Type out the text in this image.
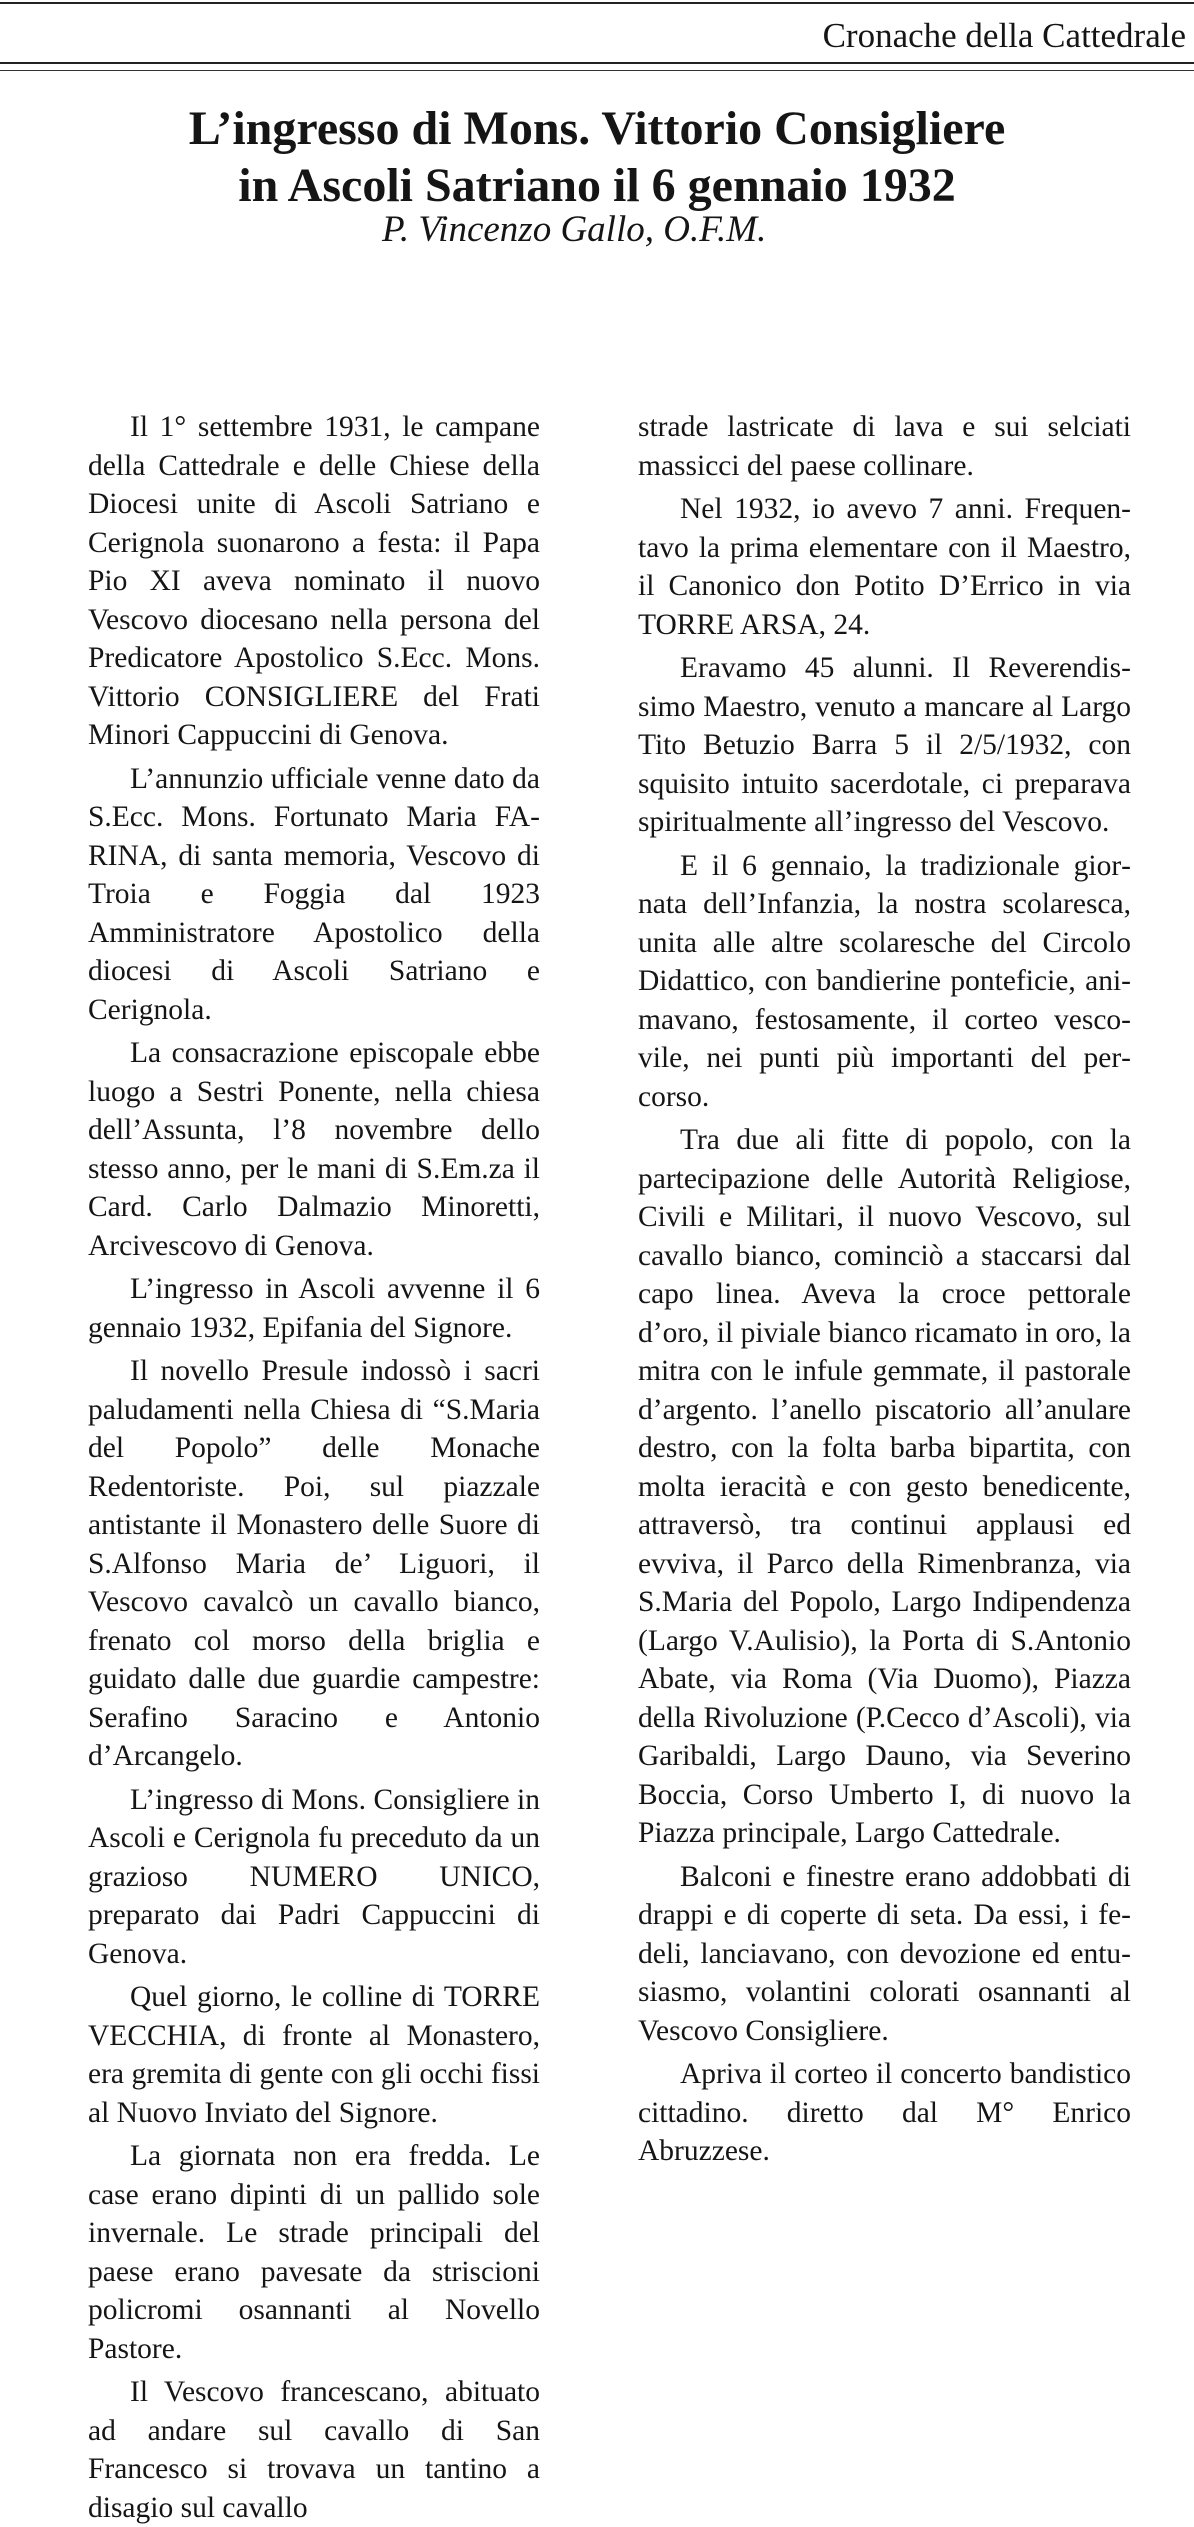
Cronache della Cattedrale
L’ingresso di Mons. Vittorio Consigliere
in Ascoli Satriano il 6 gennaio 1932
P. Vincenzo Gallo, O.F.M.

Il 1° settembre 1931, le campane della Cattedrale e delle Chiese della Diocesi unite di Ascoli Satriano e Cerignola suonarono a festa: il Papa Pio XI aveva nominato il nuovo Vescovo diocesano nella persona del Predicatore Apostolico S.Ecc. Mons. Vittorio CONSIGLIERE del Frati Minori Cappuccini di Genova.

L’annunzio ufficiale venne dato da S.Ecc. Mons. Fortunato Maria FARINA, di santa memoria, Vescovo di Troia e Foggia dal 1923 Amministratore Apostolico della diocesi di Ascoli Satriano e Cerignola.

La consacrazione episcopale ebbe luogo a Sestri Ponente, nella chiesa dell’Assunta, l’8 novembre dello stesso anno, per le mani di S.Em.za il Card. Carlo Dalmazio Minoretti, Arcivescovo di Genova.

L’ingresso in Ascoli avvenne il 6 gennaio 1932, Epifania del Signore.

Il novello Presule indossò i sacri paludamenti nella Chiesa di “S.Maria del Popolo” delle Monache Redentoriste. Poi, sul piazzale antistante il Monastero delle Suore di S.Alfonso Maria de’ Liguori, il Vescovo cavalcò un cavallo bianco, frenato col morso della briglia e guidato dalle due guardie campestre: Serafino Saracino e Antonio d’Arcangelo.

L’ingresso di Mons. Consigliere in Ascoli e Cerignola fu preceduto da un grazioso NUMERO UNICO, preparato dai Padri Cappuccini di Genova.

Quel giorno, le colline di TORRE VECCHIA, di fronte al Monastero, era gremita di gente con gli occhi fissi al Nuovo Inviato del Signore.

La giornata non era fredda. Le case erano dipinti di un pallido sole invernale. Le strade principali del paese erano pavesate da striscioni policromi osannanti al Novello Pastore.

Il Vescovo francescano, abituato ad andare sul cavallo di San Francesco si trovava un tantino a disagio sul cavallo

strade lastricate di lava e sui selciati massicci del paese collinare.

Nel 1932, io avevo 7 anni. Frequentavo la prima elementare con il Maestro, il Canonico don Potito D’Errico in via TORRE ARSA, 24.

Eravamo 45 alunni. Il Reverendissimo Maestro, venuto a mancare al Largo Tito Betuzio Barra 5 il 2/5/1932, con squisito intuito sacerdotale, ci preparava spiritualmente all’ingresso del Vescovo.

E il 6 gennaio, la tradizionale giornata dell’Infanzia, la nostra scolaresca, unita alle altre scolaresche del Circolo Didattico, con bandierine ponteficie, animavano, festosamente, il corteo vescovile, nei punti più importanti del percorso.

Tra due ali fitte di popolo, con la partecipazione delle Autorità Religiose, Civili e Militari, il nuovo Vescovo, sul cavallo bianco, cominciò a staccarsi dal capo linea. Aveva la croce pettorale d’oro, il piviale bianco ricamato in oro, la mitra con le infule gemmate, il pastorale d’argento. l’anello piscatorio all’anulare destro, con la folta barba bipartita, con molta ieracità e con gesto benedicente, attraversò, tra continui applausi ed evviva, il Parco della Rimenbranza, via S.Maria del Popolo, Largo Indipendenza (Largo V.Aulisio), la Porta di S.Antonio Abate, via Roma (Via Duomo), Piazza della Rivoluzione (P.Cecco d’Ascoli), via Garibaldi, Largo Dauno, via Severino Boccia, Corso Umberto I, di nuovo la Piazza principale, Largo Cattedrale.

Balconi e finestre erano addobbati di drappi e di coperte di seta. Da essi, i fedeli, lanciavano, con devozione ed entusiasmo, volantini colorati osannanti al Vescovo Consigliere.

Apriva il corteo il concerto bandistico cittadino. diretto dal M° Enrico Abruzzese.
